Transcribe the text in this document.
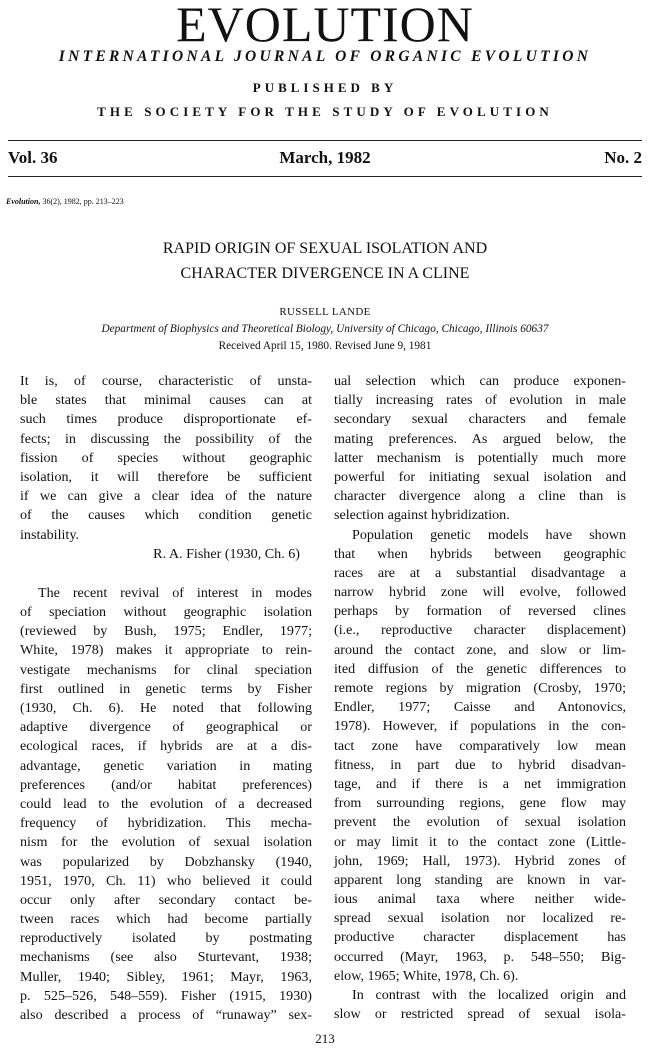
EVOLUTION
INTERNATIONAL JOURNAL OF ORGANIC EVOLUTION
PUBLISHED BY
THE SOCIETY FOR THE STUDY OF EVOLUTION
March, 1982
Vol. 36	No. 2
Evolution, 36(2), 1982, pp. 213–223
RAPID ORIGIN OF SEXUAL ISOLATION AND
CHARACTER DIVERGENCE IN A CLINE
RUSSELL LANDE
Department of Biophysics and Theoretical Biology, University of Chicago, Chicago, Illinois 60637
Received April 15, 1980. Revised June 9, 1981
It is, of course, characteristic of unsta-
ble states that minimal causes can at
such times produce disproportionate ef-
fects; in discussing the possibility of the
fission of species without geographic
isolation, it will therefore be sufficient
if we can give a clear idea of the nature
of the causes which condition genetic
instability.
R. A. Fisher (1930, Ch. 6)
The recent revival of interest in modes
of speciation without geographic isolation
(reviewed by Bush, 1975; Endler, 1977;
White, 1978) makes it appropriate to rein-
vestigate mechanisms for clinal speciation
first outlined in genetic terms by Fisher
(1930, Ch. 6). He noted that following
adaptive divergence of geographical or
ecological races, if hybrids are at a dis-
advantage, genetic variation in mating
preferences (and/or habitat preferences)
could lead to the evolution of a decreased
frequency of hybridization. This mecha-
nism for the evolution of sexual isolation
was popularized by Dobzhansky (1940,
1951, 1970, Ch. 11) who believed it could
occur only after secondary contact be-
tween races which had become partially
reproductively isolated by postmating
mechanisms (see also Sturtevant, 1938;
Muller, 1940; Sibley, 1961; Mayr, 1963,
p. 525–526, 548–559). Fisher (1915, 1930)
also described a process of “runaway” sex-
ual selection which can produce exponen-
tially increasing rates of evolution in male
secondary sexual characters and female
mating preferences. As argued below, the
latter mechanism is potentially much more
powerful for initiating sexual isolation and
character divergence along a cline than is
selection against hybridization.
Population genetic models have shown
that when hybrids between geographic
races are at a substantial disadvantage a
narrow hybrid zone will evolve, followed
perhaps by formation of reversed clines
(i.e., reproductive character displacement)
around the contact zone, and slow or lim-
ited diffusion of the genetic differences to
remote regions by migration (Crosby, 1970;
Endler, 1977; Caisse and Antonovics,
1978). However, if populations in the con-
tact zone have comparatively low mean
fitness, in part due to hybrid disadvan-
tage, and if there is a net immigration
from surrounding regions, gene flow may
prevent the evolution of sexual isolation
or may limit it to the contact zone (Little-
john, 1969; Hall, 1973). Hybrid zones of
apparent long standing are known in var-
ious animal taxa where neither wide-
spread sexual isolation nor localized re-
productive character displacement has
occurred (Mayr, 1963, p. 548–550; Big-
elow, 1965; White, 1978, Ch. 6).
In contrast with the localized origin and
slow or restricted spread of sexual isola-
213
